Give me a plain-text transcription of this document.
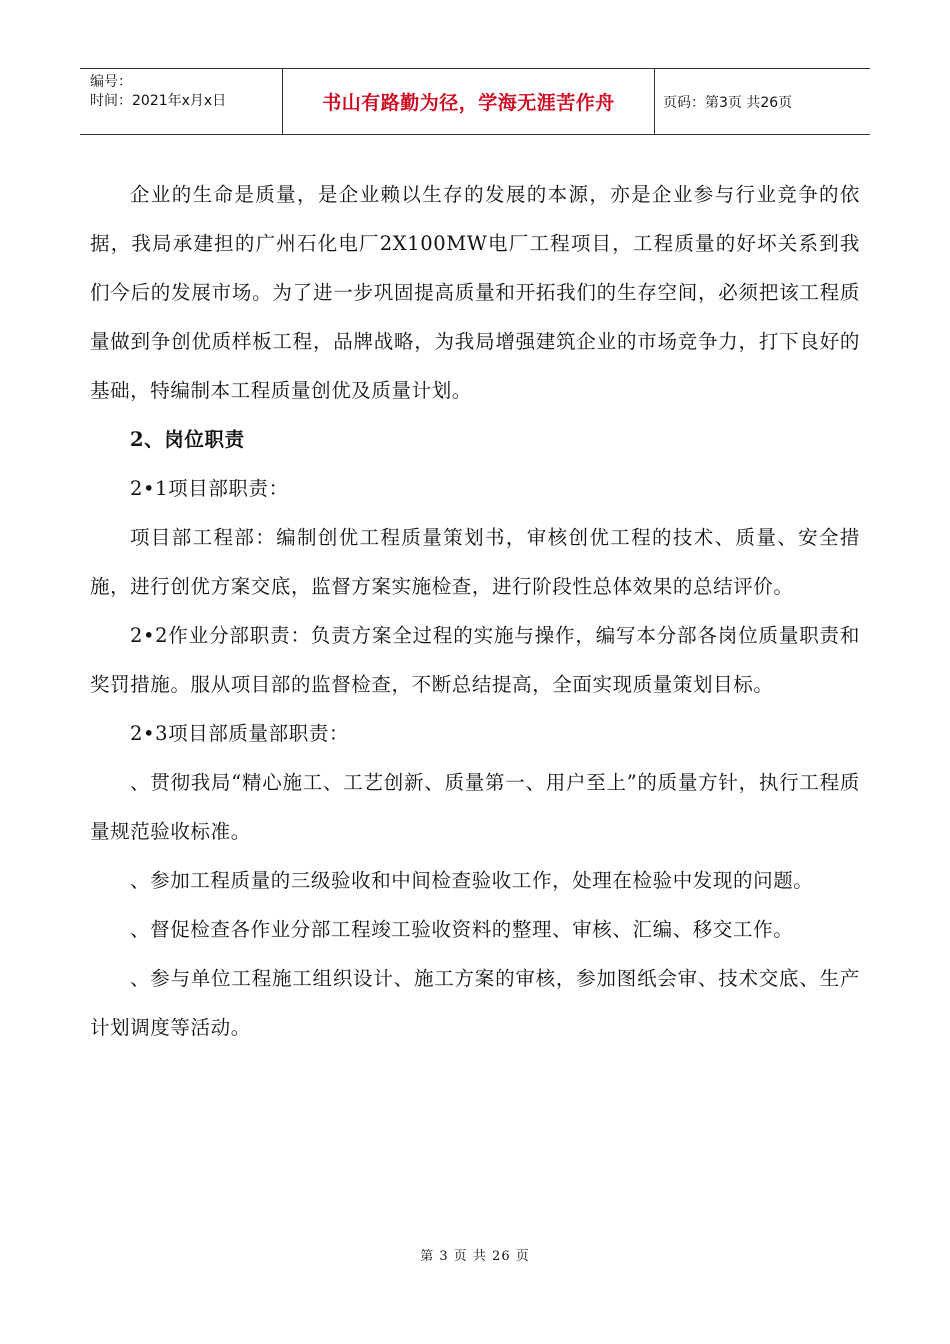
编号：
时间：2021年x月x日	书山有路勤为径，学海无涯苦作舟	页码：第3页 共26页

企业的生命是质量，是企业赖以生存的发展的本源，亦是企业参与行业竞争的依据，我局承建担的广州石化电厂2X100MW电厂工程项目，工程质量的好坏关系到我们今后的发展市场。为了进一步巩固提高质量和开拓我们的生存空间，必须把该工程质量做到争创优质样板工程，品牌战略，为我局增强建筑企业的市场竞争力，打下良好的基础，特编制本工程质量创优及质量计划。

2、岗位职责

2•1项目部职责：

项目部工程部：编制创优工程质量策划书，审核创优工程的技术、质量、安全措施，进行创优方案交底，监督方案实施检查，进行阶段性总体效果的总结评价。

2•2作业分部职责：负责方案全过程的实施与操作，编写本分部各岗位质量职责和奖罚措施。服从项目部的监督检查，不断总结提高，全面实现质量策划目标。

2•3项目部质量部职责：

、贯彻我局“精心施工、工艺创新、质量第一、用户至上”的质量方针，执行工程质量规范验收标准。

、参加工程质量的三级验收和中间检查验收工作，处理在检验中发现的问题。

、督促检查各作业分部工程竣工验收资料的整理、审核、汇编、移交工作。

、参与单位工程施工组织设计、施工方案的审核，参加图纸会审、技术交底、生产计划调度等活动。

第 3 页 共 26 页
